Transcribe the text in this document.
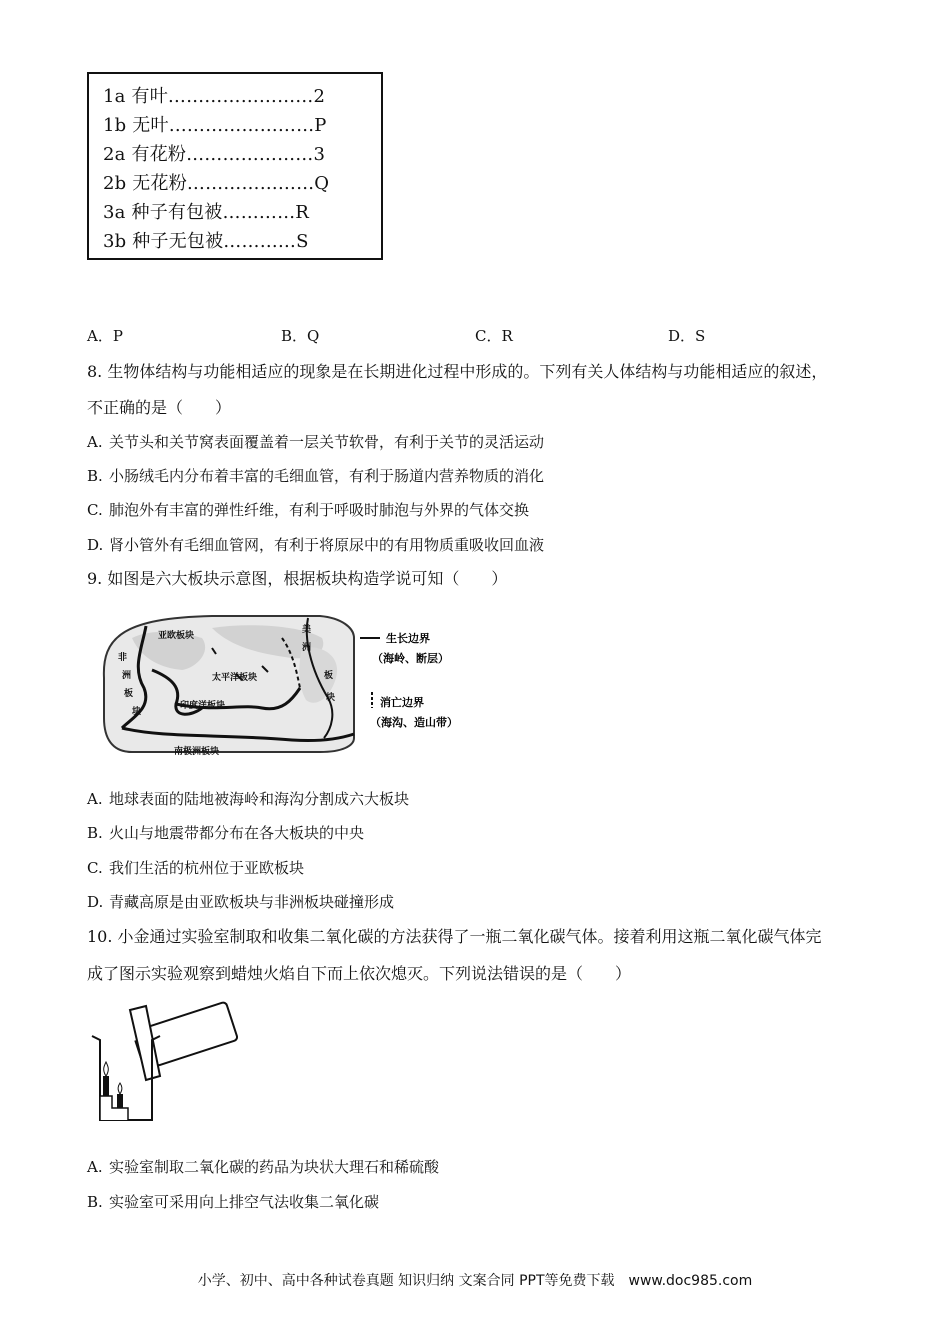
1a 有叶……………………2
1b 无叶……………………P
2a 有花粉…………………3
2b 无花粉…………………Q
3a 种子有包被…………R
3b 种子无包被…………S
A．P	B．Q	C．R	D．S
8. 生物体结构与功能相适应的现象是在长期进化过程中形成的。下列有关人体结构与功能相适应的叙述，
不正确的是（　　）
A. 关节头和关节窝表面覆盖着一层关节软骨，有利于关节的灵活运动
B. 小肠绒毛内分布着丰富的毛细血管，有利于肠道内营养物质的消化
C. 肺泡外有丰富的弹性纤维，有利于呼吸时肺泡与外界的气体交换
D. 肾小管外有毛细血管网，有利于将原尿中的有用物质重吸收回血液
9. 如图是六大板块示意图，根据板块构造学说可知（　　）
亚欧板块
非
洲
板
块
太平洋板块
印度洋板块
美
洲
板
块
南极洲板块
生长边界
（海岭、断层）
消亡边界
（海沟、造山带）
A. 地球表面的陆地被海岭和海沟分割成六大板块
B. 火山与地震带都分布在各大板块的中央
C. 我们生活的杭州位于亚欧板块
D. 青藏高原是由亚欧板块与非洲板块碰撞形成
10. 小金通过实验室制取和收集二氧化碳的方法获得了一瓶二氧化碳气体。接着利用这瓶二氧化碳气体完
成了图示实验观察到蜡烛火焰自下而上依次熄灭。下列说法错误的是（　　）
A. 实验室制取二氧化碳的药品为块状大理石和稀硫酸
B. 实验室可采用向上排空气法收集二氧化碳
小学、初中、高中各种试卷真题 知识归纳 文案合同 PPT等免费下载　www.doc985.com
